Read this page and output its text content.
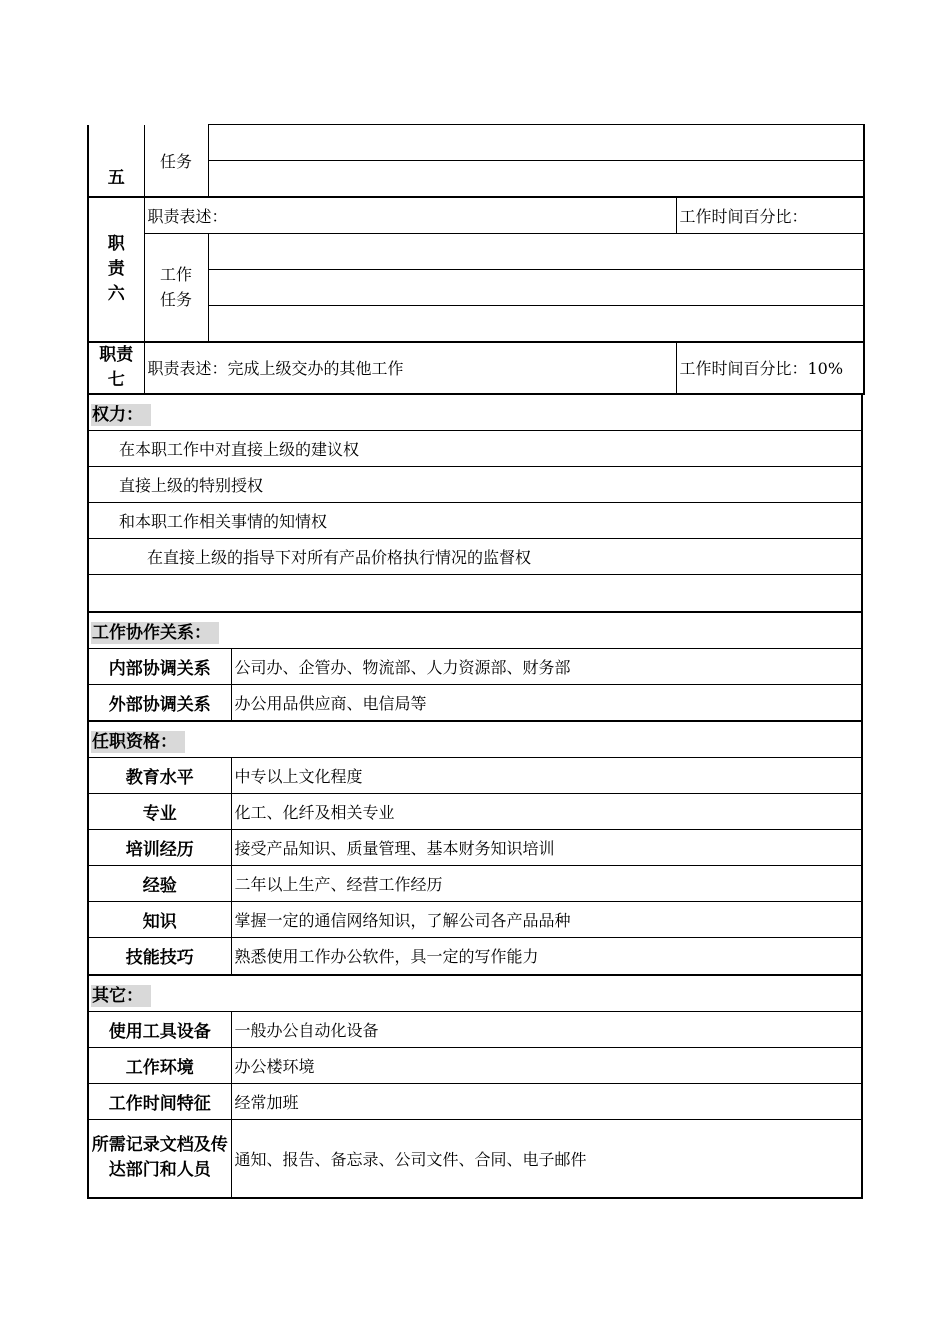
五	任务		

职责六	职责表述：		工作时间百分比：

	工作任务		

职责七	职责表述：完成上级交办的其他工作		工作时间百分比：10%
权力：
在本职工作中对直接上级的建议权
直接上级的特别授权
和本职工作相关事情的知情权
在直接上级的指导下对所有产品价格执行情况的监督权

工作协作关系：	
内部协调关系	公司办、企管办、物流部、人力资源部、财务部
外部协调关系	办公用品供应商、电信局等
任职资格：	
教育水平	中专以上文化程度
专业	化工、化纤及相关专业
培训经历	接受产品知识、质量管理、基本财务知识培训
经验	二年以上生产、经营工作经历
知识	掌握一定的通信网络知识，了解公司各产品品种
技能技巧	熟悉使用工作办公软件，具一定的写作能力
其它：	
使用工具设备	一般办公自动化设备
工作环境	办公楼环境
工作时间特征	经常加班
所需记录文档及传达部门和人员	通知、报告、备忘录、公司文件、合同、电子邮件
